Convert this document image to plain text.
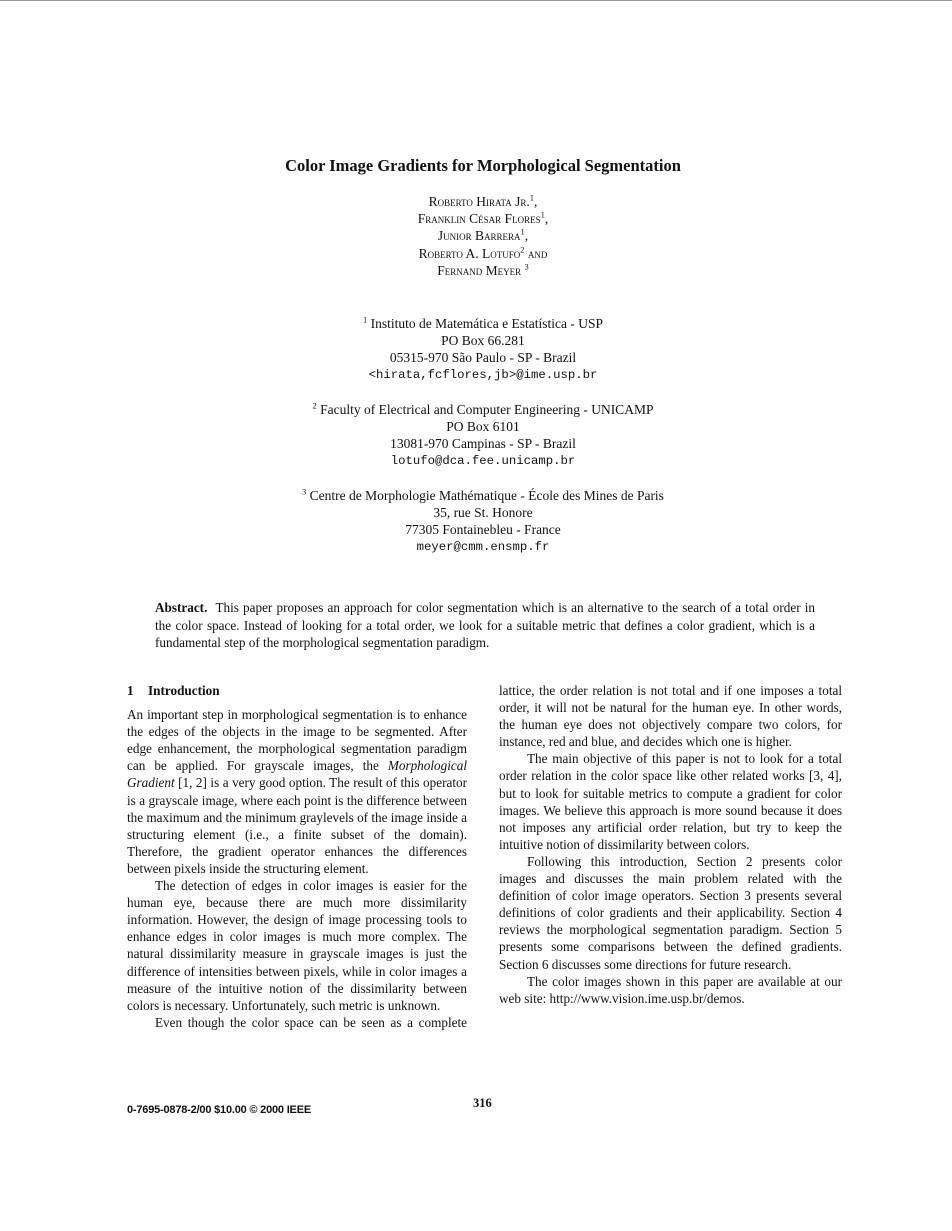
Color Image Gradients for Morphological Segmentation
Roberto Hirata Jr.$^1$,
Franklin César Flores$^1$,
Junior Barrera$^1$,
Roberto A. Lotufo$^2$ and
Fernand Meyer $^3$
$^1$ Instituto de Matemática e Estatística - USP
PO Box 66.281
05315-970 São Paulo - SP - Brazil
<hirata,fcflores,jb>@ime.usp.br
$^2$ Faculty of Electrical and Computer Engineering - UNICAMP
PO Box 6101
13081-970 Campinas - SP - Brazil
lotufo@dca.fee.unicamp.br
$^3$ Centre de Morphologie Mathématique - École des Mines de Paris
35, rue St. Honore
77305 Fontainebleu - France
meyer@cmm.ensmp.fr
Abstract. This paper proposes an approach for color segmentation which is an alternative to the search of a total order in the color space. Instead of looking for a total order, we look for a suitable metric that defines a color gradient, which is a fundamental step of the morphological segmentation paradigm.

1 Introduction

An important step in morphological segmentation is to enhance the edges of the objects in the image to be segmented. After edge enhancement, the morphological segmentation paradigm can be applied. For grayscale images, the Morphological Gradient [1, 2] is a very good option. The result of this operator is a grayscale image, where each point is the difference between the maximum and the minimum graylevels of the image inside a structuring element (i.e., a finite subset of the domain). Therefore, the gradient operator enhances the differences between pixels inside the structuring element.

The detection of edges in color images is easier for the human eye, because there are much more dissimilarity information. However, the design of image processing tools to enhance edges in color images is much more complex. The natural dissimilarity measure in grayscale images is just the difference of intensities between pixels, while in color images a measure of the intuitive notion of the dissimilarity between colors is necessary. Unfortunately, such metric is unknown.

Even though the color space can be seen as a complete

lattice, the order relation is not total and if one imposes a total order, it will not be natural for the human eye. In other words, the human eye does not objectively compare two colors, for instance, red and blue, and decides which one is higher.

The main objective of this paper is not to look for a total order relation in the color space like other related works [3, 4], but to look for suitable metrics to compute a gradient for color images. We believe this approach is more sound because it does not imposes any artificial order relation, but try to keep the intuitive notion of dissimilarity between colors.

Following this introduction, Section 2 presents color images and discusses the main problem related with the definition of color image operators. Section 3 presents several definitions of color gradients and their applicability. Section 4 reviews the morphological segmentation paradigm. Section 5 presents some comparisons between the defined gradients. Section 6 discusses some directions for future research.

The color images shown in this paper are available at our web site: http://www.vision.ime.usp.br/demos.

316
0-7695-0878-2/00 $10.00 © 2000 IEEE
